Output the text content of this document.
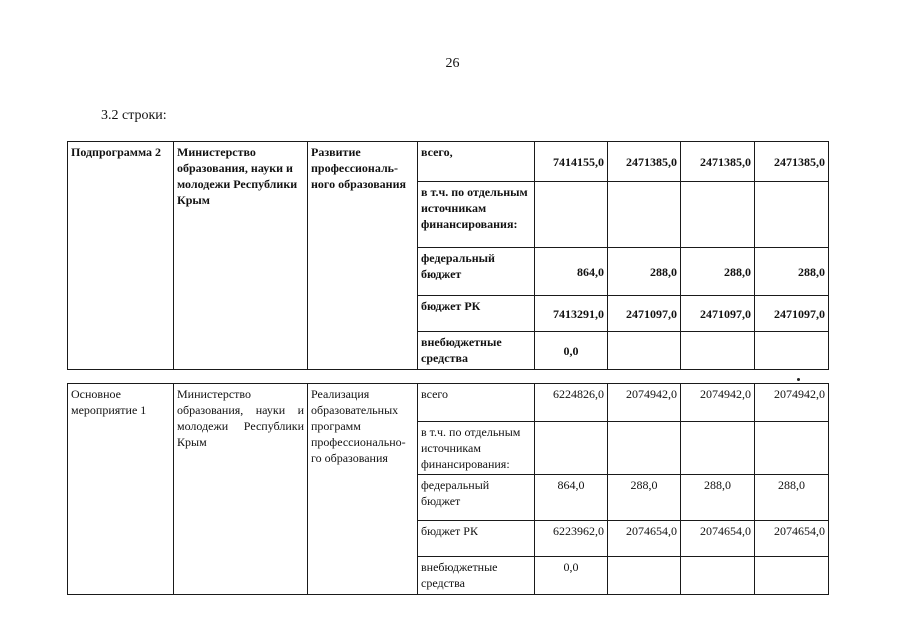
26
3.2 строки:
Подпрограмма 2	Министерство образования, науки и молодежи Республики Крым	Развитие профессиональ-ного образования	всего,	7414155,0	2471385,0	2471385,0	2471385,0
			в т.ч. по отдельным источникам финансирования:				
			федеральный бюджет	864,0	288,0	288,0	288,0
			бюджет РК	7413291,0	2471097,0	2471097,0	2471097,0
			внебюджетные средства	0,0			
Основное мероприятие 1	Министерство образования, науки и молодежи Республики Крым	Реализация образовательных программ профессионально-го образования	всего	6224826,0	2074942,0	2074942,0	2074942,0
			в т.ч. по отдельным источникам финансирования:				
			федеральный бюджет	864,0	288,0	288,0	288,0
			бюджет РК	6223962,0	2074654,0	2074654,0	2074654,0
			внебюджетные средства	0,0			
